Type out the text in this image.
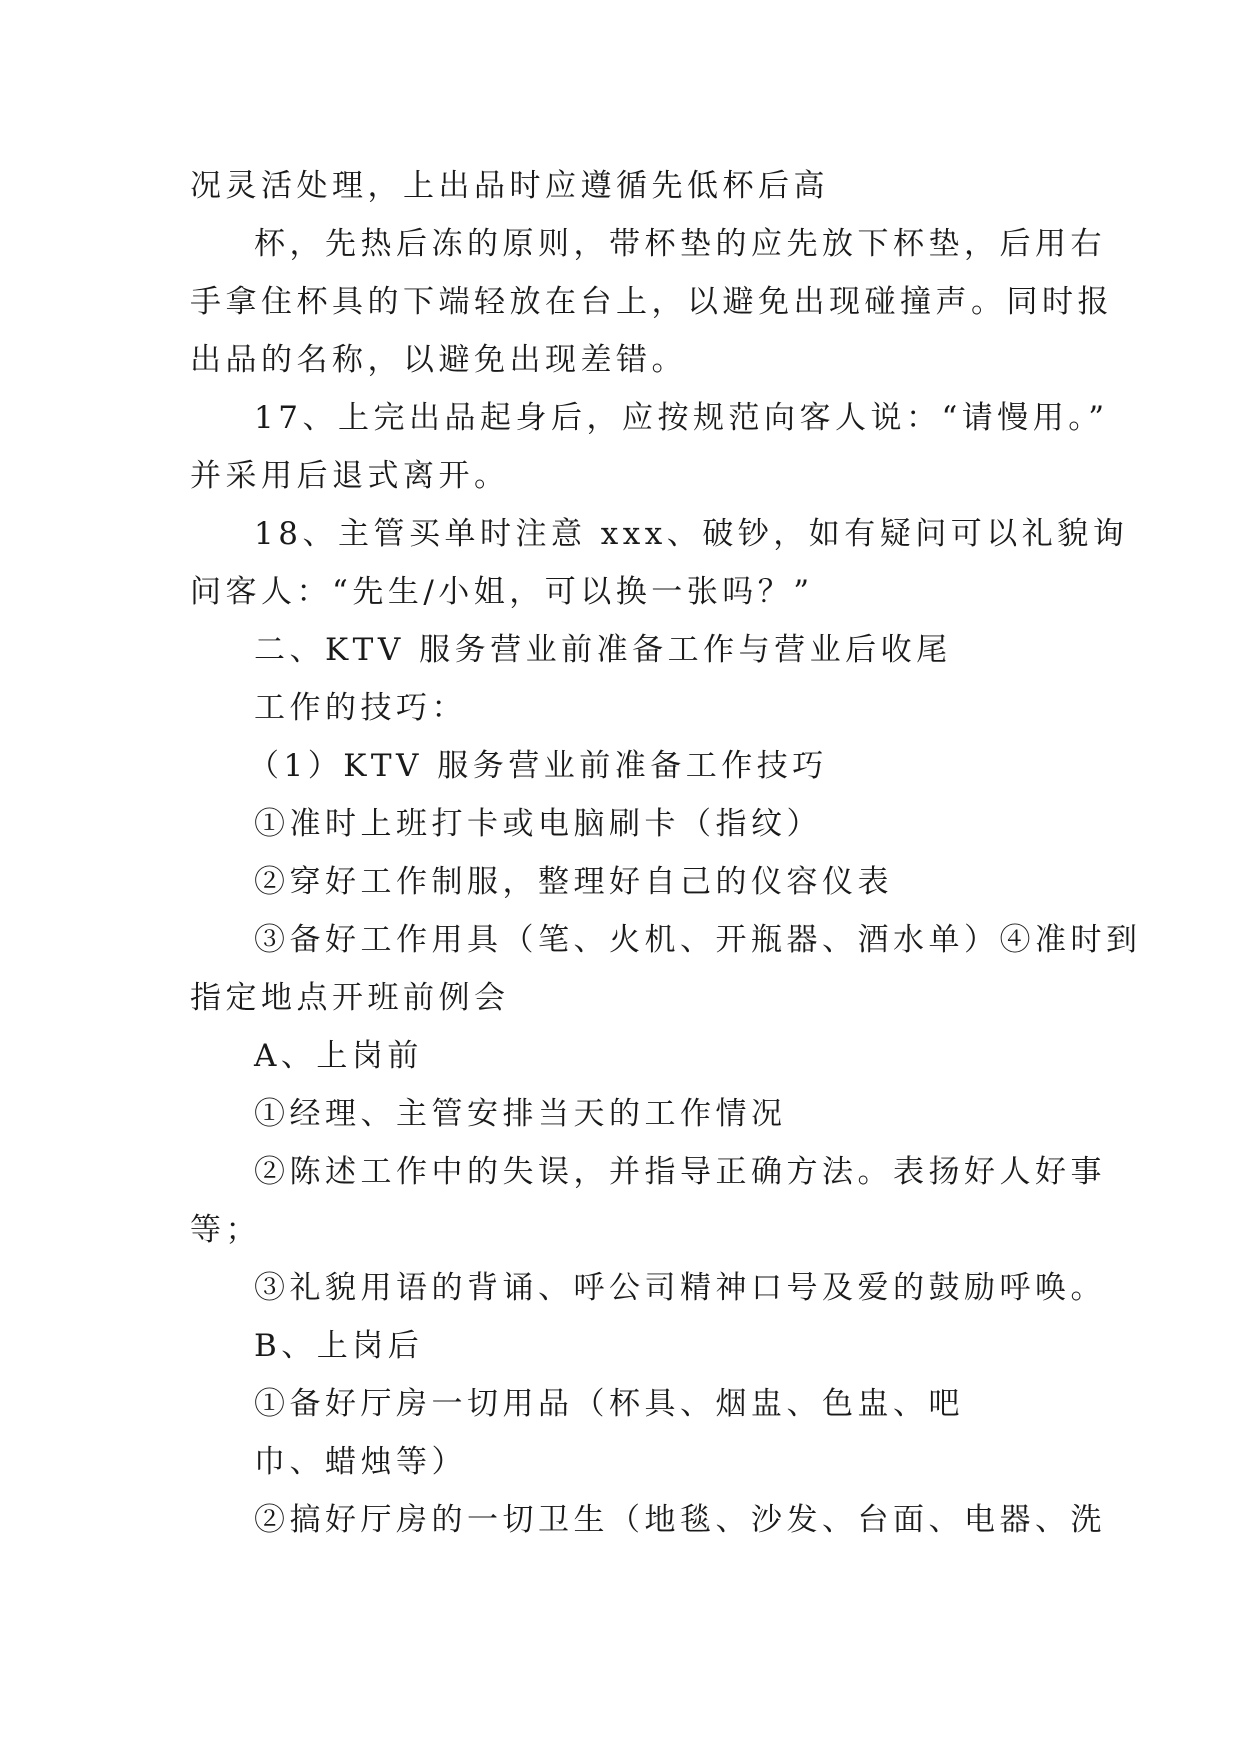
况灵活处理，上出品时应遵循先低杯后高

杯，先热后冻的原则，带杯垫的应先放下杯垫，后用右

手拿住杯具的下端轻放在台上，以避免出现碰撞声。同时报

出品的名称，以避免出现差错。

17、上完出品起身后，应按规范向客人说：“请慢用。”

并采用后退式离开。

18、主管买单时注意 xxx、破钞，如有疑问可以礼貌询

问客人：“先生/小姐，可以换一张吗？”

二、KTV 服务营业前准备工作与营业后收尾

工作的技巧：

（1）KTV 服务营业前准备工作技巧

①准时上班打卡或电脑刷卡（指纹）

②穿好工作制服，整理好自己的仪容仪表

③备好工作用具（笔、火机、开瓶器、酒水单）④准时到

指定地点开班前例会

A、上岗前

①经理、主管安排当天的工作情况

②陈述工作中的失误，并指导正确方法。表扬好人好事

等；

③礼貌用语的背诵、呼公司精神口号及爱的鼓励呼唤。

B、上岗后

①备好厅房一切用品（杯具、烟盅、色盅、吧

巾、蜡烛等）

②搞好厅房的一切卫生（地毯、沙发、台面、电器、洗
